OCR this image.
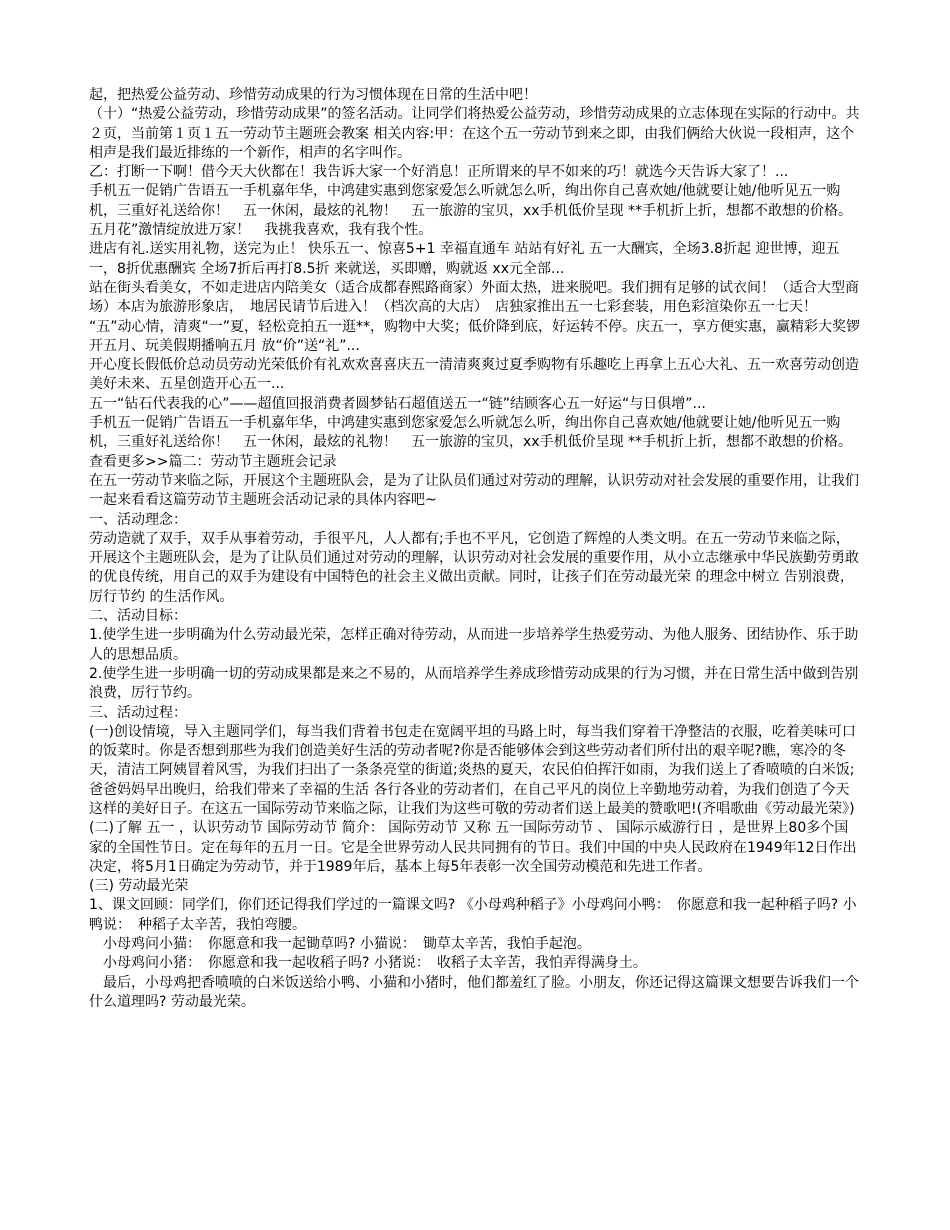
起，把热爱公益劳动、珍惜劳动成果的行为习惯体现在日常的生活中吧！

（十）“热爱公益劳动，珍惜劳动成果”的签名活动。让同学们将热爱公益劳动，珍惜劳动成果的立志体现在实际的行动中。共２页，当前第１页１五一劳动节主题班会教案 相关内容:甲：在这个五一劳动节到来之即，由我们俩给大伙说一段相声，这个相声是我们最近排练的一个新作，相声的名字叫作。

乙：打断一下啊！借今天大伙都在！我告诉大家一个好消息！正所谓来的早不如来的巧！就选今天告诉大家了！...

手机五一促销广告语五一手机嘉年华，中鸿建实惠到您家爱怎么听就怎么听，绚出你自己喜欢她/他就要让她/他听见五一购机，三重好礼送给你！　五一休闲，最炫的礼物！　五一旅游的宝贝，xx手机低价呈现 **手机折上折，想都不敢想的价格。

五月花”激情绽放进万家！　我挑我喜欢，我有我个性。

进店有礼.送实用礼物，送完为止！ 快乐五一、惊喜5+1 幸福直通车 站站有好礼 五一大酬宾，全场3.8折起 迎世博，迎五一，8折优惠酬宾 全场7折后再打8.5折 来就送，买即赠，购就返 xx元全部...

站在街头看美女，不如走进店内陪美女（适合成都春熙路商家）外面太热，进来脱吧。我们拥有足够的试衣间！（适合大型商场）本店为旅游形象店，　地居民请节后进入！（档次高的大店）　店独家推出五一七彩套装，用色彩渲染你五一七天！

“五”动心情，清爽“一”夏，轻松竞拍五一逛**，购物中大奖；低价降到底，好运转不停。庆五一，享方便实惠，赢精彩大奖锣开五月、玩美假期播响五月 放“价”送“礼”...

开心度长假低价总动员劳动光荣低价有礼欢欢喜喜庆五一清清爽爽过夏季购物有乐趣吃上再拿上五心大礼、五一欢喜劳动创造美好未来、五星创造开心五一...

五一“钻石代表我的心”——超值回报消费者圆梦钻石超值送五一“链”结顾客心五一好运“与日俱增”...

手机五一促销广告语五一手机嘉年华，中鸿建实惠到您家爱怎么听就怎么听，绚出你自己喜欢她/他就要让她/他听见五一购机，三重好礼送给你！　五一休闲，最炫的礼物！　五一旅游的宝贝，xx手机低价呈现 **手机折上折，想都不敢想的价格。

查看更多>>篇二：劳动节主题班会记录

在五一劳动节来临之际，开展这个主题班队会，是为了让队员们通过对劳动的理解，认识劳动对社会发展的重要作用，让我们一起来看看这篇劳动节主题班会活动记录的具体内容吧~

一、活动理念：

劳动造就了双手，双手从事着劳动，手很平凡，人人都有;手也不平凡，它创造了辉煌的人类文明。在五一劳动节来临之际，开展这个主题班队会，是为了让队员们通过对劳动的理解，认识劳动对社会发展的重要作用，从小立志继承中华民族勤劳勇敢的优良传统，用自己的双手为建设有中国特色的社会主义做出贡献。同时，让孩子们在劳动最光荣 的理念中树立 告别浪费，厉行节约 的生活作风。

二、活动目标：

1.使学生进一步明确为什么劳动最光荣，怎样正确对待劳动，从而进一步培养学生热爱劳动、为他人服务、团结协作、乐于助人的思想品质。

2.使学生进一步明确一切的劳动成果都是来之不易的，从而培养学生养成珍惜劳动成果的行为习惯，并在日常生活中做到告别浪费，厉行节约。

三、活动过程：

(一)创设情境，导入主题同学们，每当我们背着书包走在宽阔平坦的马路上时，每当我们穿着干净整洁的衣服，吃着美味可口的饭菜时。你是否想到那些为我们创造美好生活的劳动者呢?你是否能够体会到这些劳动者们所付出的艰辛呢?瞧，寒冷的冬天，清洁工阿姨冒着风雪，为我们扫出了一条条亮堂的街道;炎热的夏天，农民伯伯挥汗如雨，为我们送上了香喷喷的白米饭;爸爸妈妈早出晚归，给我们带来了幸福的生活 各行各业的劳动者们，在自己平凡的岗位上辛勤地劳动着，为我们创造了今天这样的美好日子。在这五一国际劳动节来临之际，让我们为这些可敬的劳动者们送上最美的赞歌吧!(齐唱歌曲《劳动最光荣》)

(二)了解 五一 ，认识劳动节 国际劳动节 简介： 国际劳动节 又称 五一国际劳动节 、 国际示威游行日 ，是世界上80多个国家的全国性节日。定在每年的五月一日。它是全世界劳动人民共同拥有的节日。我们中国的中央人民政府在1949年12日作出决定，将5月1日确定为劳动节，并于1989年后，基本上每5年表彰一次全国劳动模范和先进工作者。

(三) 劳动最光荣

1、课文回顾：同学们，你们还记得我们学过的一篇课文吗? 《小母鸡种稻子》小母鸡问小鸭：　你愿意和我一起种稻子吗? 小鸭说：　种稻子太辛苦，我怕弯腰。

　小母鸡问小猫：　你愿意和我一起锄草吗? 小猫说：　锄草太辛苦，我怕手起泡。

　小母鸡问小猪：　你愿意和我一起收稻子吗? 小猪说：　收稻子太辛苦，我怕弄得满身土。

　最后，小母鸡把香喷喷的白米饭送给小鸭、小猫和小猪时，他们都羞红了脸。小朋友，你还记得这篇课文想要告诉我们一个什么道理吗? 劳动最光荣。
